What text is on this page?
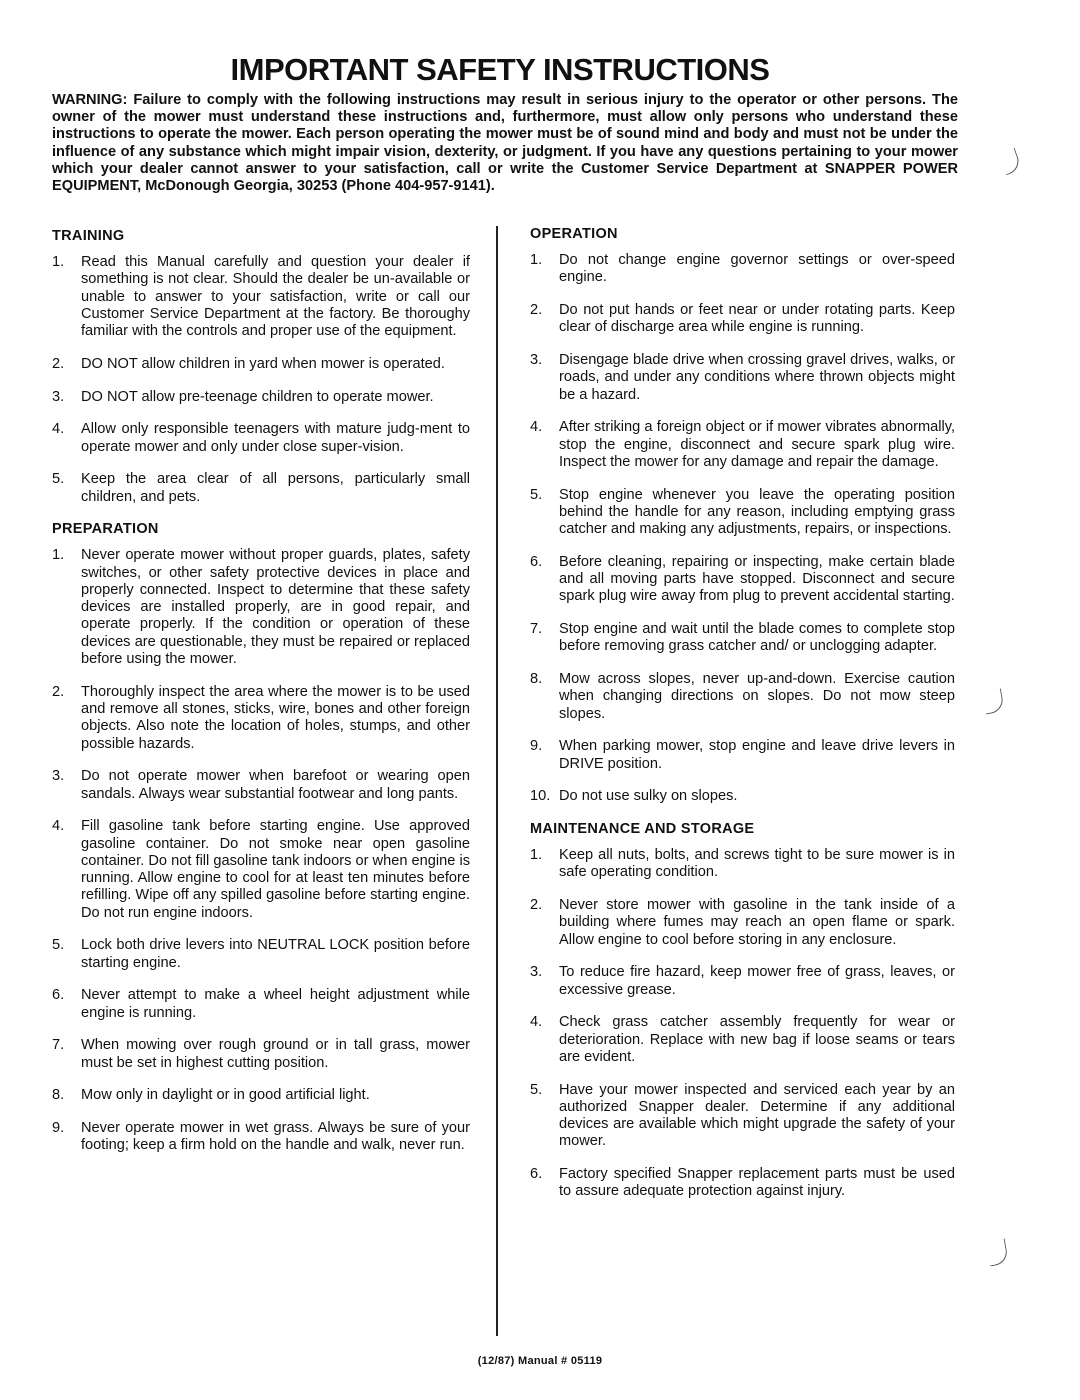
IMPORTANT SAFETY INSTRUCTIONS

WARNING: Failure to comply with the following instructions may result in serious injury to the operator or other persons. The owner of the mower must understand these instructions and, furthermore, must allow only persons who understand these instructions to operate the mower. Each person operating the mower must be of sound mind and body and must not be under the influence of any substance which might impair vision, dexterity, or judgment. If you have any questions pertaining to your mower which your dealer cannot answer to your satisfaction, call or write the Customer Service Department at SNAPPER POWER EQUIPMENT, McDonough Georgia, 30253 (Phone 404-957-9141).

TRAINING
1.	Read this Manual carefully and question your dealer if something is not clear. Should the dealer be un-available or unable to answer to your satisfaction, write or call our Customer Service Department at the factory. Be thoroughy familiar with the controls and proper use of the equipment.
2.	DO NOT allow children in yard when mower is operated.
3.	DO NOT allow pre-teenage children to operate mower.
4.	Allow only responsible teenagers with mature judg-ment to operate mower and only under close super-vision.
5.	Keep the area clear of all persons, particularly small children, and pets.
PREPARATION
1.	Never operate mower without proper guards, plates, safety switches, or other safety protective devices in place and properly connected. Inspect to determine that these safety devices are installed properly, are in good repair, and operate properly. If the condition or operation of these devices are questionable, they must be repaired or replaced before using the mower.
2.	Thoroughly inspect the area where the mower is to be used and remove all stones, sticks, wire, bones and other foreign objects. Also note the location of holes, stumps, and other possible hazards.
3.	Do not operate mower when barefoot or wearing open sandals. Always wear substantial footwear and long pants.
4.	Fill gasoline tank before starting engine. Use approved gasoline container. Do not smoke near open gasoline container. Do not fill gasoline tank indoors or when engine is running. Allow engine to cool for at least ten minutes before refilling. Wipe off any spilled gasoline before starting engine. Do not run engine indoors.
5.	Lock both drive levers into NEUTRAL LOCK position before starting engine.
6.	Never attempt to make a wheel height adjustment while engine is running.
7.	When mowing over rough ground or in tall grass, mower must be set in highest cutting position.
8.	Mow only in daylight or in good artificial light.
9.	Never operate mower in wet grass. Always be sure of your footing; keep a firm hold on the handle and walk, never run.
OPERATION
1.	Do not change engine governor settings or over-speed engine.
2.	Do not put hands or feet near or under rotating parts. Keep clear of discharge area while engine is running.
3.	Disengage blade drive when crossing gravel drives, walks, or roads, and under any conditions where thrown objects might be a hazard.
4.	After striking a foreign object or if mower vibrates abnormally, stop the engine, disconnect and secure spark plug wire. Inspect the mower for any damage and repair the damage.
5.	Stop engine whenever you leave the operating position behind the handle for any reason, including emptying grass catcher and making any adjustments, repairs, or inspections.
6.	Before cleaning, repairing or inspecting, make certain blade and all moving parts have stopped. Disconnect and secure spark plug wire away from plug to prevent accidental starting.
7.	Stop engine and wait until the blade comes to complete stop before removing grass catcher and/ or unclogging adapter.
8.	Mow across slopes, never up-and-down. Exercise caution when changing directions on slopes. Do not mow steep slopes.
9.	When parking mower, stop engine and leave drive levers in DRIVE position.
10. Do not use sulky on slopes.
MAINTENANCE AND STORAGE
1.	Keep all nuts, bolts, and screws tight to be sure mower is in safe operating condition.
2.	Never store mower with gasoline in the tank inside of a building where fumes may reach an open flame or spark. Allow engine to cool before storing in any enclosure.
3.	To reduce fire hazard, keep mower free of grass, leaves, or excessive grease.
4.	Check grass catcher assembly frequently for wear or deterioration. Replace with new bag if loose seams or tears are evident.
5.	Have your mower inspected and serviced each year by an authorized Snapper dealer. Determine if any additional devices are available which might upgrade the safety of your mower.
6.	Factory specified Snapper replacement parts must be used to assure adequate protection against injury.
(12/87) Manual # 05119
